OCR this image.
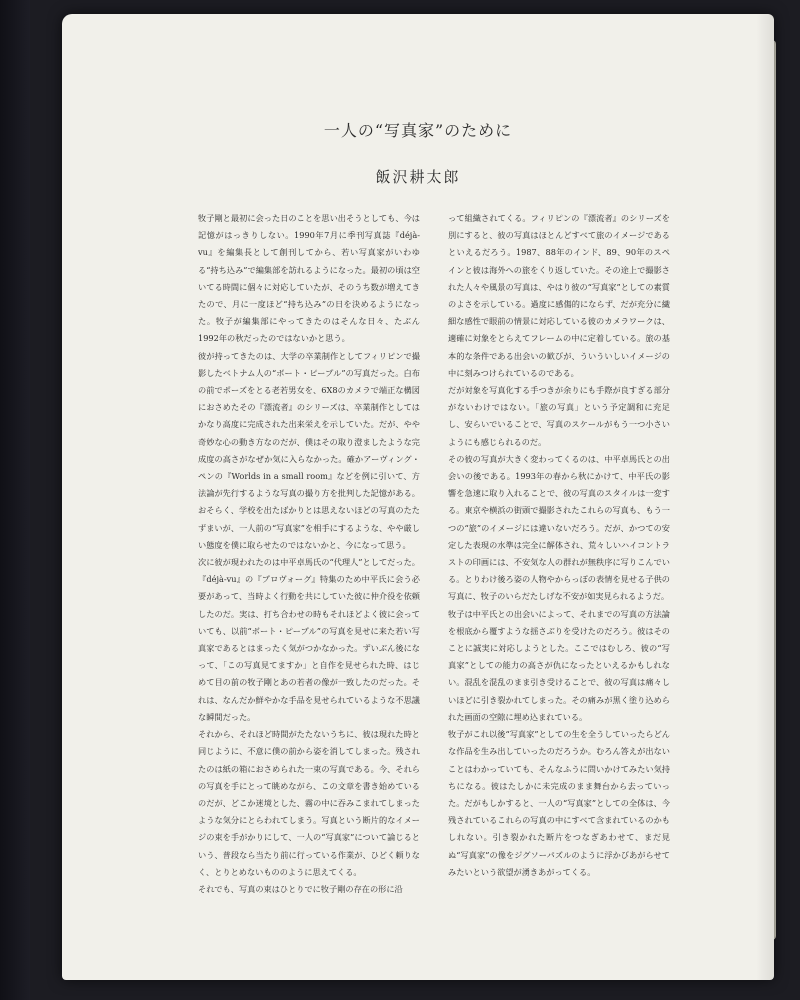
一人の“写真家”のために
飯沢耕太郎

牧子剛と最初に会った日のことを思い出そうとしても、今は記憶がはっきりしない。1990年7月に季刊写真誌『déjà-vu』を編集長として創刊してから、若い写真家がいわゆる“持ち込み”で編集部を訪れるようになった。最初の頃は空いてる時間に個々に対応していたが、そのうち数が増えてきたので、月に一度ほど“持ち込み”の日を決めるようになった。牧子が編集部にやってきたのはそんな日々、たぶん1992年の秋だったのではないかと思う。

彼が持ってきたのは、大学の卒業制作としてフィリピンで撮影したベトナム人の“ボート・ピープル”の写真だった。白布の前でポーズをとる老若男女を、6X8のカメラで端正な構図におさめたその『漂流者』のシリーズは、卒業制作としてはかなり高度に完成された出来栄えを示していた。だが、やや奇妙な心の動き方なのだが、僕はその取り澄ましたような完成度の高さがなぜか気に入らなかった。確かアーヴィング・ペンの『Worlds in a small room』などを例に引いて、方法論が先行するような写真の撮り方を批判した記憶がある。おそらく、学校を出たばかりとは思えないほどの写真のたたずまいが、一人前の“写真家”を相手にするような、やや厳しい態度を僕に取らせたのではないかと、今になって思う。

次に彼が現われたのは中平卓馬氏の“代理人”としてだった。『déjà-vu』の『プロヴォーグ』特集のため中平氏に会う必要があって、当時よく行動を共にしていた彼に仲介役を依頼したのだ。実は、打ち合わせの時もそれほどよく彼に会っていても、以前“ボート・ピープル”の写真を見せに来た若い写真家であるとはまったく気がつかなかった。ずいぶん後になって、「この写真見てますか」と自作を見せられた時、はじめて目の前の牧子剛とあの若者の像が一致したのだった。それは、なんだか鮮やかな手品を見せられているような不思議な瞬間だった。

それから、それほど時間がたたないうちに、彼は現れた時と同じように、不意に僕の前から姿を消してしまった。残されたのは紙の箱におさめられた一束の写真である。今、それらの写真を手にとって眺めながら、この文章を書き始めているのだが、どこか迷境とした、霧の中に吞みこまれてしまったような気分にとらわれてしまう。写真という断片的なイメージの束を手がかりにして、一人の“写真家”について論じるという、普段なら当たり前に行っている作業が、ひどく頼りなく、とりとめないもののように思えてくる。

それでも、写真の束はひとりでに牧子剛の存在の形に沿

って組織されてくる。フィリピンの『漂流者』のシリーズを別にすると、彼の写真はほとんどすべて旅のイメージであるといえるだろう。1987、88年のインド、89、90年のスペインと彼は海外への旅をくり返していた。その途上で撮影された人々や風景の写真は、やはり彼の“写真家”としての素質のよさを示している。過度に感傷的にならず、だが充分に繊細な感性で眼前の情景に対応している彼のカメラワークは、適確に対象をとらえてフレームの中に定着している。旅の基本的な条件である出会いの歓びが、ういういしいイメージの中に刻みつけられているのである。

だが対象を写真化する手つきが余りにも手際が良すぎる部分がないわけではない。「旅の写真」という予定調和に充足し、安らいでいることで、写真のスケールがもう一つ小さいようにも感じられるのだ。

その彼の写真が大きく変わってくるのは、中平卓馬氏との出会いの後である。1993年の春から秋にかけて、中平氏の影響を急速に取り入れることで、彼の写真のスタイルは一変する。東京や横浜の街頭で撮影されたこれらの写真も、もう一つの“旅”のイメージには違いないだろう。だが、かつての安定した表現の水準は完全に解体され、荒々しいハイコントラストの印画には、不安気な人の群れが無秩序に写りこんでいる。とりわけ後ろ姿の人物やからっぽの表情を見せる子供の写真に、牧子のいらだたしげな不安が如実見られるようだ。

牧子は中平氏との出会いによって、それまでの写真の方法論を根底から覆すような揺さぶりを受けたのだろう。彼はそのことに誠実に対応しようとした。ここではむしろ、彼の“写真家”としての能力の高さが仇になったといえるかもしれない。混乱を混乱のまま引き受けることで、彼の写真は痛々しいほどに引き裂かれてしまった。その痛みが黒く塗り込められた画面の空隙に埋め込まれている。

牧子がこれ以後“写真家”としての生を全うしていったらどんな作品を生み出していったのだろうか。むろん答えが出ないことはわかっていても、そんなふうに問いかけてみたい気持ちになる。彼はたしかに未完成のまま舞台から去っていった。だがもしかすると、一人の“写真家”としての全体は、今残されているこれらの写真の中にすべて含まれているのかもしれない。引き裂かれた断片をつなぎあわせて、まだ見ぬ“写真家”の像をジグソーパズルのように浮かびあがらせてみたいという欲望が湧きあがってくる。
